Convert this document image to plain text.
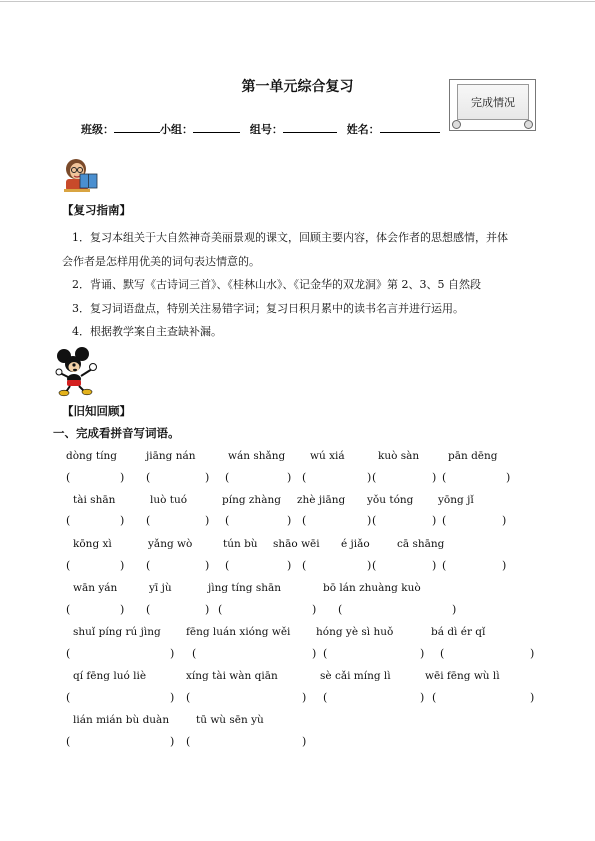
第一单元综合复习
完成情况
班级：	小组：	组号：	姓名：
【复习指南】
1．复习本组关于大自然神奇美丽景观的课文，回顾主要内容，体会作者的思想感情，并体
会作者是怎样用优美的词句表达情意的。
2．背诵、默写《古诗词三首》、《桂林山水》、《记金华的双龙洞》第 2、3、5 自然段
3．复习词语盘点，特别关注易错字词；复习日积月累中的读书名言并进行运用。
4．根据教学案自主查缺补漏。
【旧知回顾】
一、完成看拼音写词语。
dòng tíng
(	)
jiāng nán
(	)
wán shǎng
(	)
wú xiá
(	)
kuò sàn
(	)
pān dēng
(	)
tài shān
(	)
luò tuó
(	)
píng zhàng
(	)
zhè jiāng
(	)
yǒu tóng
(	)
yōng jǐ
(	)
kōng xì
(	)
yǎng wò
(	)
tún bù
(	)
shāo wēi
(	)
é jiǎo
(	)
cā shāng
(	)
wān yán
(	)
yī jù
(	)
jìng tíng shān
(	)
bō lán zhuàng kuò
(	)
shuǐ píng rú jìng
(	)
fēng luán xióng wěi
(	)
hóng yè sì huǒ
(	)
bá dì ér qǐ
(	)
qí fēng luó liè
(	)
xíng tài wàn qiān
(	)
sè cǎi míng lì
(	)
wēi fēng wù lì
(	)
lián mián bù duàn
(	)
tū wù sēn yù
(	)
